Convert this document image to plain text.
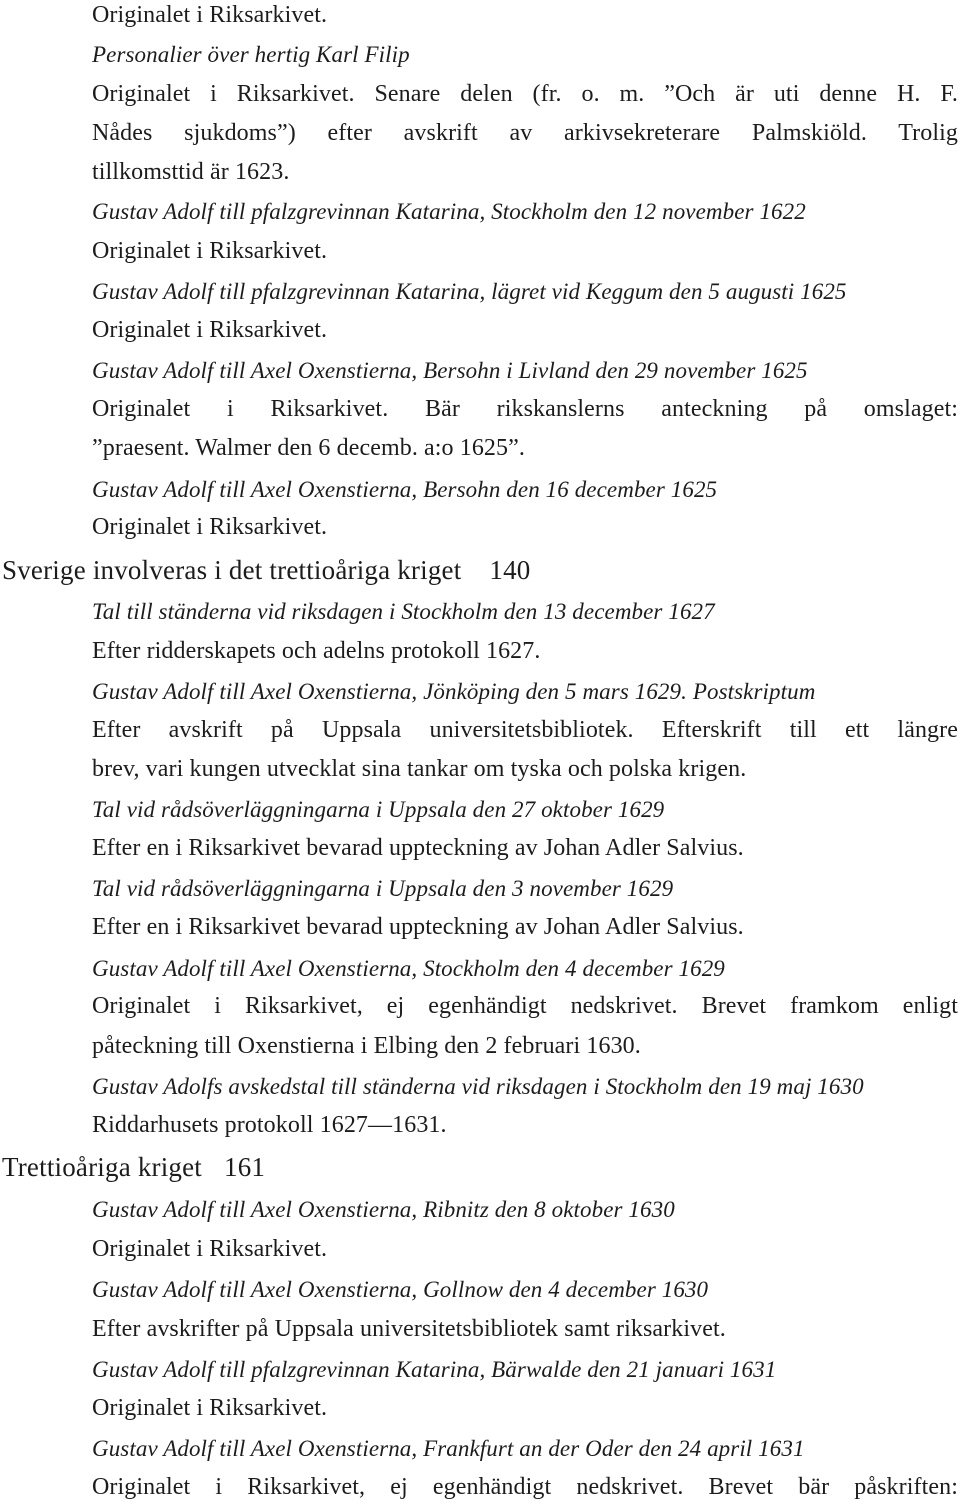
Originalet i Riksarkivet.
Personalier över hertig Karl Filip
Originalet i Riksarkivet. Senare delen (fr. o. m. ”Och är uti denne H. F.
Nådes sjukdoms”) efter avskrift av arkivsekreterare Palmskiöld. Trolig
tillkomsttid är 1623.
Gustav Adolf till pfalzgrevinnan Katarina, Stockholm den 12 november 1622
Originalet i Riksarkivet.
Gustav Adolf till pfalzgrevinnan Katarina, lägret vid Keggum den 5 augusti 1625
Originalet i Riksarkivet.
Gustav Adolf till Axel Oxenstierna, Bersohn i Livland den 29 november 1625
Originalet i Riksarkivet. Bär rikskanslerns anteckning på omslaget:
”praesent. Walmer den 6 decemb. a:o 1625”.
Gustav Adolf till Axel Oxenstierna, Bersohn den 16 december 1625
Originalet i Riksarkivet.
Sverige involveras i det trettioåriga kriget 140
Tal till ständerna vid riksdagen i Stockholm den 13 december 1627
Efter ridderskapets och adelns protokoll 1627.
Gustav Adolf till Axel Oxenstierna, Jönköping den 5 mars 1629. Postskriptum
Efter avskrift på Uppsala universitetsbibliotek. Efterskrift till ett längre
brev, vari kungen utvecklat sina tankar om tyska och polska krigen.
Tal vid rådsöverläggningarna i Uppsala den 27 oktober 1629
Efter en i Riksarkivet bevarad uppteckning av Johan Adler Salvius.
Tal vid rådsöverläggningarna i Uppsala den 3 november 1629
Efter en i Riksarkivet bevarad uppteckning av Johan Adler Salvius.
Gustav Adolf till Axel Oxenstierna, Stockholm den 4 december 1629
Originalet i Riksarkivet, ej egenhändigt nedskrivet. Brevet framkom enligt
påteckning till Oxenstierna i Elbing den 2 februari 1630.
Gustav Adolfs avskedstal till ständerna vid riksdagen i Stockholm den 19 maj 1630
Riddarhusets protokoll 1627—1631.
Trettioåriga kriget 161
Gustav Adolf till Axel Oxenstierna, Ribnitz den 8 oktober 1630
Originalet i Riksarkivet.
Gustav Adolf till Axel Oxenstierna, Gollnow den 4 december 1630
Efter avskrifter på Uppsala universitetsbibliotek samt riksarkivet.
Gustav Adolf till pfalzgrevinnan Katarina, Bärwalde den 21 januari 1631
Originalet i Riksarkivet.
Gustav Adolf till Axel Oxenstierna, Frankfurt an der Oder den 24 april 1631
Originalet i Riksarkivet, ej egenhändigt nedskrivet. Brevet bär påskriften:
